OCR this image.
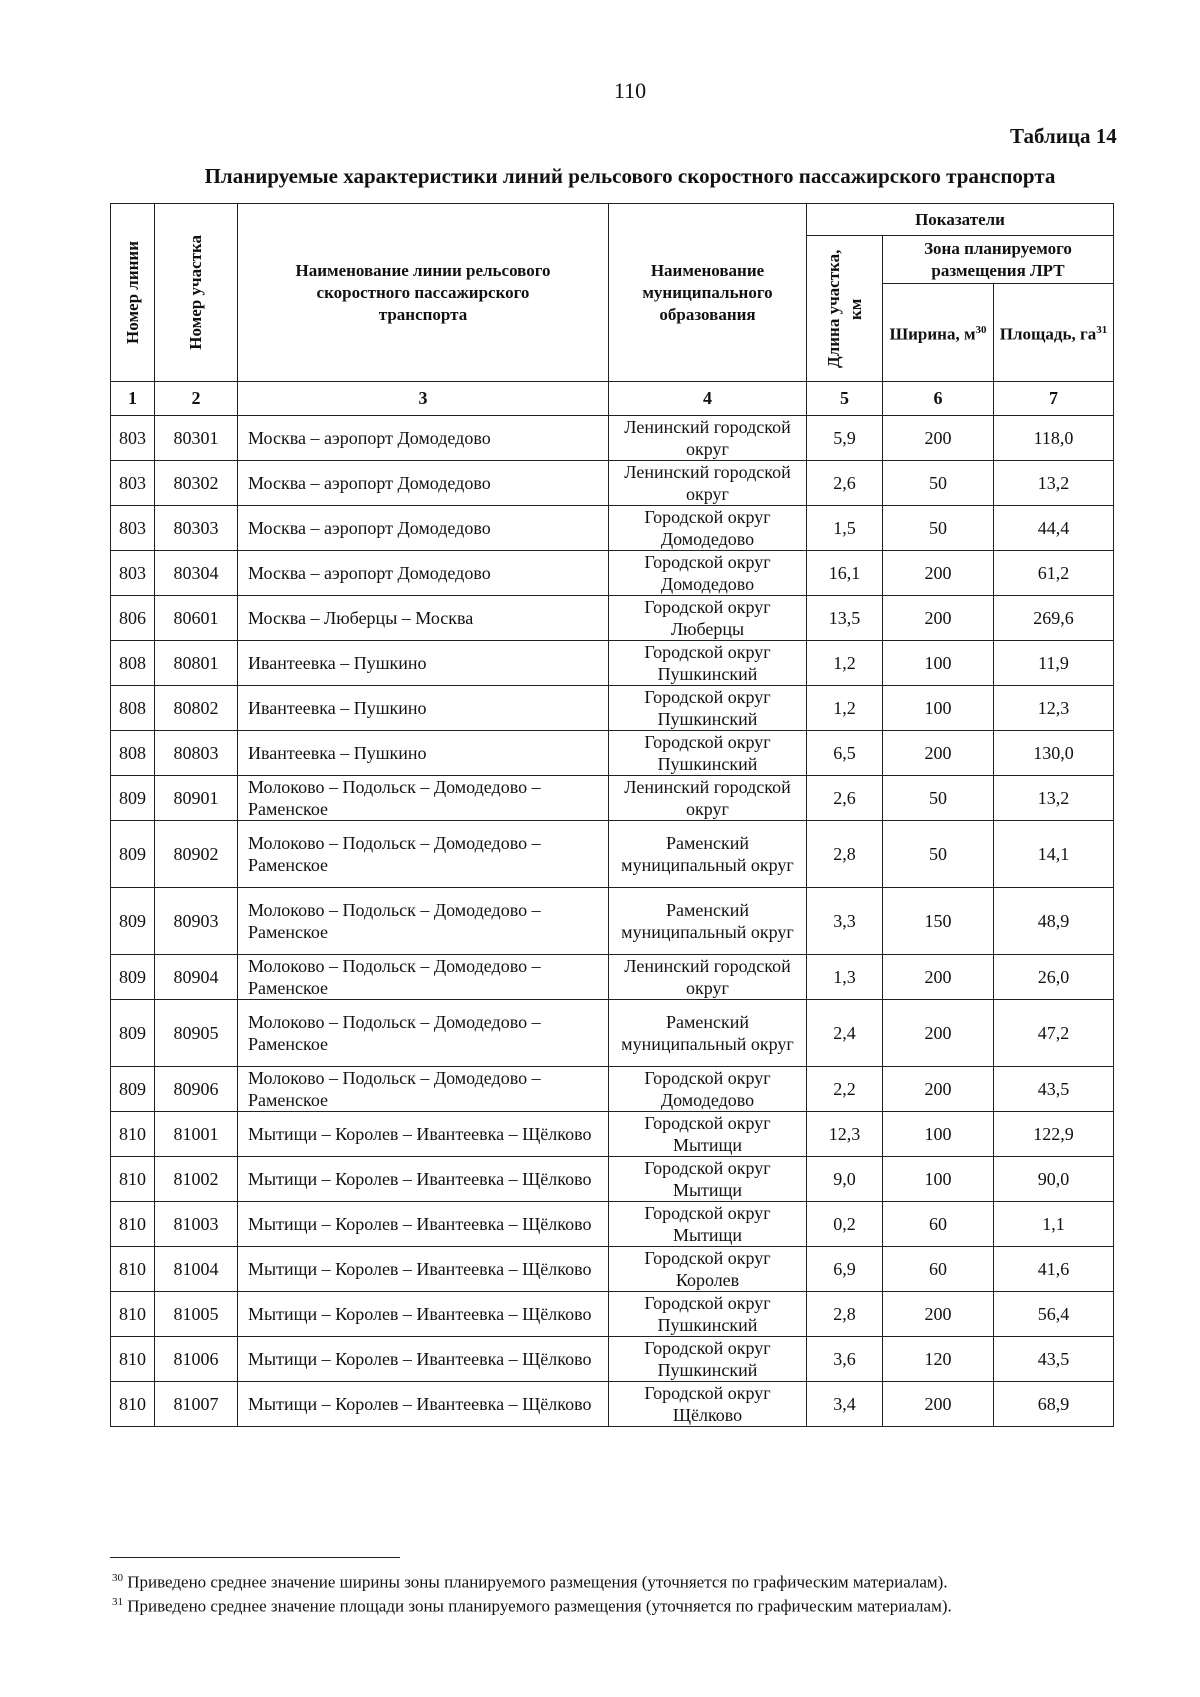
110
Таблица 14
Планируемые характеристики линий рельсового скоростного пассажирского транспорта
Номер линии	Номер участка	Наименование линии рельсового скоростного пассажирского транспорта	Наименование муниципального образования	Показатели		

				Длина участка, км	Зона планируемого размещения ЛРТ	
					Ширина, $м^{30}$	Площадь, $га^{31}$
1	2	3	4	5	6	7
803	80301	Москва – аэропорт Домодедово	Ленинский городской округ	5,9	200	118,0
803	80302	Москва – аэропорт Домодедово	Ленинский городской округ	2,6	50	13,2
803	80303	Москва – аэропорт Домодедово	Городской округ Домодедово	1,5	50	44,4
803	80304	Москва – аэропорт Домодедово	Городской округ Домодедово	16,1	200	61,2
806	80601	Москва – Люберцы – Москва	Городской округ Люберцы	13,5	200	269,6
808	80801	Ивантеевка – Пушкино	Городской округ Пушкинский	1,2	100	11,9
808	80802	Ивантеевка – Пушкино	Городской округ Пушкинский	1,2	100	12,3
808	80803	Ивантеевка – Пушкино	Городской округ Пушкинский	6,5	200	130,0
809	80901	Молоково – Подольск – Домодедово – Раменское	Ленинский городской округ	2,6	50	13,2
809	80902	Молоково – Подольск – Домодедово – Раменское	Раменский муниципальный округ	2,8	50	14,1
809	80903	Молоково – Подольск – Домодедово – Раменское	Раменский муниципальный округ	3,3	150	48,9
809	80904	Молоково – Подольск – Домодедово – Раменское	Ленинский городской округ	1,3	200	26,0
809	80905	Молоково – Подольск – Домодедово – Раменское	Раменский муниципальный округ	2,4	200	47,2
809	80906	Молоково – Подольск – Домодедово – Раменское	Городской округ Домодедово	2,2	200	43,5
810	81001	Мытищи – Королев – Ивантеевка – Щёлково	Городской округ Мытищи	12,3	100	122,9
810	81002	Мытищи – Королев – Ивантеевка – Щёлково	Городской округ Мытищи	9,0	100	90,0
810	81003	Мытищи – Королев – Ивантеевка – Щёлково	Городской округ Мытищи	0,2	60	1,1
810	81004	Мытищи – Королев – Ивантеевка – Щёлково	Городской округ Королев	6,9	60	41,6
810	81005	Мытищи – Королев – Ивантеевка – Щёлково	Городской округ Пушкинский	2,8	200	56,4
810	81006	Мытищи – Королев – Ивантеевка – Щёлково	Городской округ Пушкинский	3,6	120	43,5
810	81007	Мытищи – Королев – Ивантеевка – Щёлково	Городской округ Щёлково	3,4	200	68,9
$^{30}$ Приведено среднее значение ширины зоны планируемого размещения (уточняется по графическим материалам).
$^{31}$ Приведено среднее значение площади зоны планируемого размещения (уточняется по графическим материалам).
